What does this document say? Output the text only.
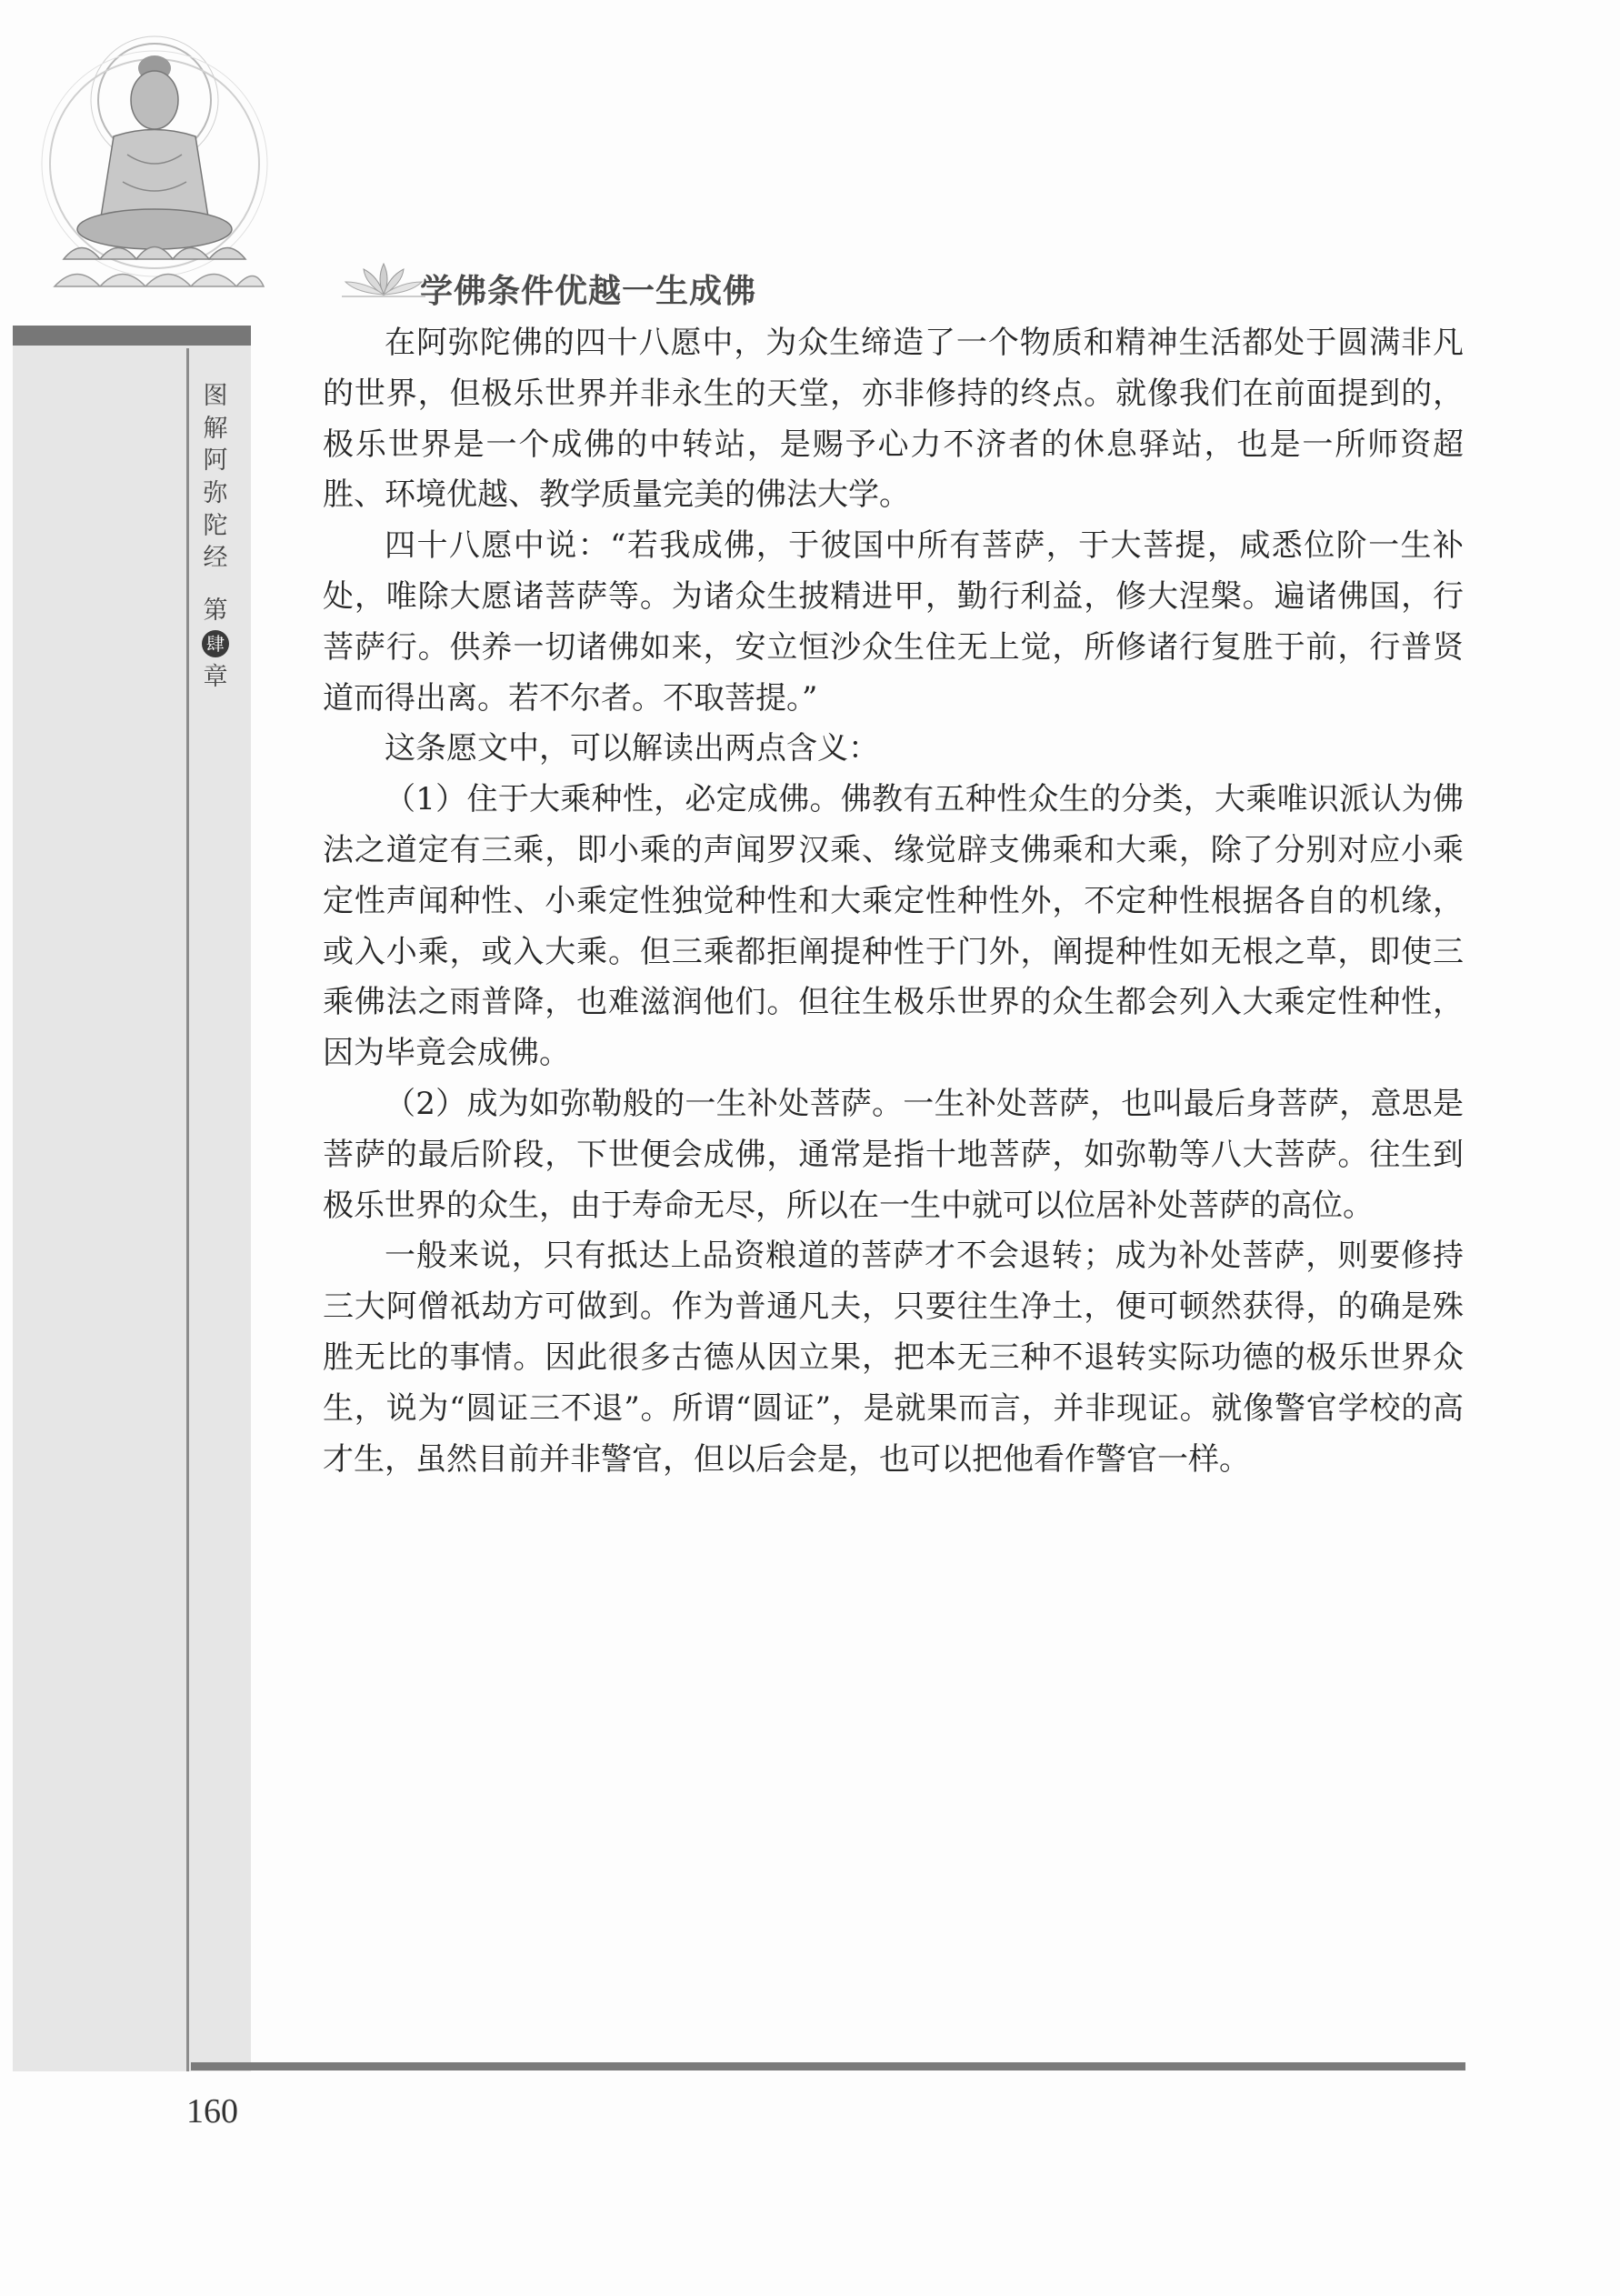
图
解
阿
弥
陀
经
第
肆
章
学佛条件优越一生成佛

在阿弥陀佛的四十八愿中，为众生缔造了一个物质和精神生活都处于圆满非凡的世界，但极乐世界并非永生的天堂，亦非修持的终点。就像我们在前面提到的，极乐世界是一个成佛的中转站，是赐予心力不济者的休息驿站，也是一所师资超胜、环境优越、教学质量完美的佛法大学。

四十八愿中说：“若我成佛，于彼国中所有菩萨，于大菩提，咸悉位阶一生补处，唯除大愿诸菩萨等。为诸众生披精进甲，勤行利益，修大涅槃。遍诸佛国，行菩萨行。供养一切诸佛如来，安立恒沙众生住无上觉，所修诸行复胜于前，行普贤道而得出离。若不尔者。不取菩提。”

这条愿文中，可以解读出两点含义：

（1）住于大乘种性，必定成佛。佛教有五种性众生的分类，大乘唯识派认为佛法之道定有三乘，即小乘的声闻罗汉乘、缘觉辟支佛乘和大乘，除了分别对应小乘定性声闻种性、小乘定性独觉种性和大乘定性种性外，不定种性根据各自的机缘，或入小乘，或入大乘。但三乘都拒阐提种性于门外，阐提种性如无根之草，即使三乘佛法之雨普降，也难滋润他们。但往生极乐世界的众生都会列入大乘定性种性，因为毕竟会成佛。

（2）成为如弥勒般的一生补处菩萨。一生补处菩萨，也叫最后身菩萨，意思是菩萨的最后阶段，下世便会成佛，通常是指十地菩萨，如弥勒等八大菩萨。往生到极乐世界的众生，由于寿命无尽，所以在一生中就可以位居补处菩萨的高位。

一般来说，只有抵达上品资粮道的菩萨才不会退转；成为补处菩萨，则要修持三大阿僧祇劫方可做到。作为普通凡夫，只要往生净土，便可顿然获得，的确是殊胜无比的事情。因此很多古德从因立果，把本无三种不退转实际功德的极乐世界众生，说为“圆证三不退”。所谓“圆证”，是就果而言，并非现证。就像警官学校的高才生，虽然目前并非警官，但以后会是，也可以把他看作警官一样。

160
